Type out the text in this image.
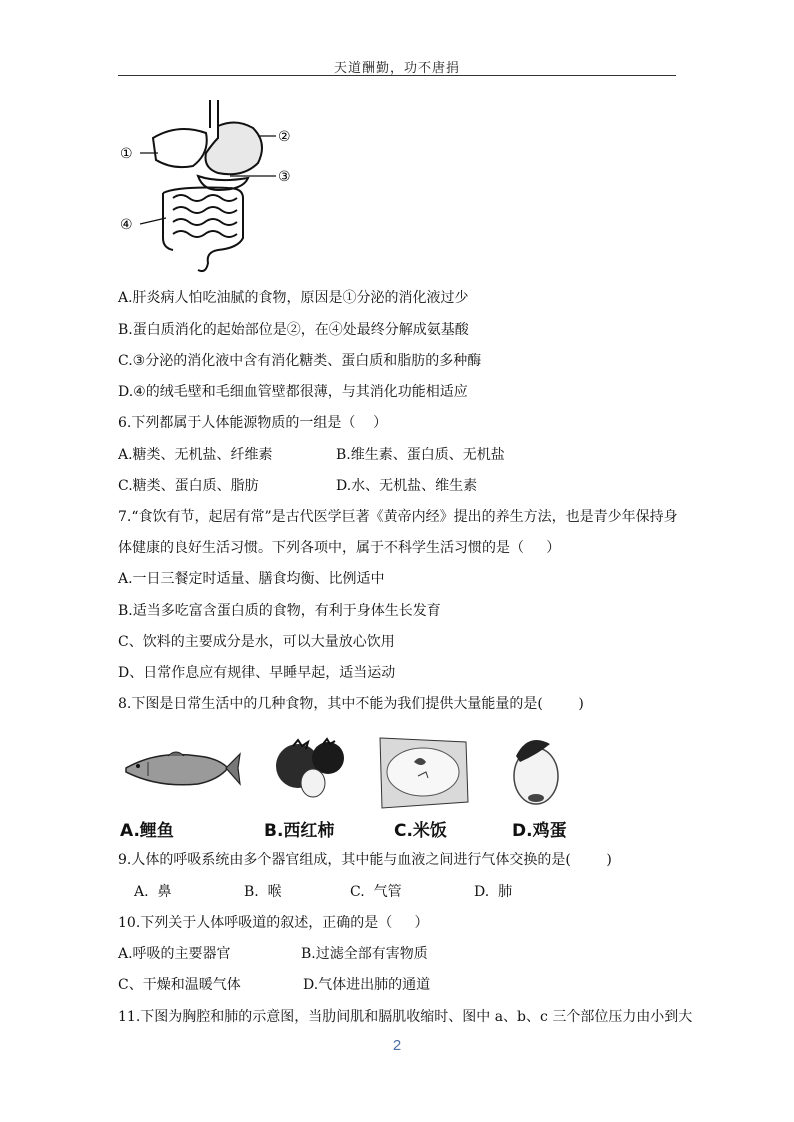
天道酬勤，功不唐捐
①
②
③
④
A.肝炎病人怕吃油腻的食物，原因是①分泌的消化液过少
B.蛋白质消化的起始部位是②，在④处最终分解成氨基酸
C.③分泌的消化液中含有消化糖类、蛋白质和脂肪的多种酶
D.④的绒毛壁和毛细血管壁都很薄，与其消化功能相适应
6.下列都属于人体能源物质的一组是（    ）
A.糖类、无机盐、纤维素	B.维生素、蛋白质、无机盐
C.糖类、蛋白质、脂肪	D.水、无机盐、维生素
7.“食饮有节，起居有常”是古代医学巨著《黄帝内经》提出的养生方法，也是青少年保持身
体健康的良好生活习惯。下列各项中，属于不科学生活习惯的是（     ）
A.一日三餐定时适量、膳食均衡、比例适中
B.适当多吃富含蛋白质的食物，有利于身体生长发育
C、饮料的主要成分是水，可以大量放心饮用
D、日常作息应有规律、早睡早起，适当运动
8.下图是日常生活中的几种食物，其中不能为我们提供大量能量的是(        )
A.鲤鱼	B.西红柿	C.米饭	D.鸡蛋
9.人体的呼吸系统由多个器官组成，其中能与血液之间进行气体交换的是(        )
A.  鼻	B.  喉	C.  气管	D.  肺
10.下列关于人体呼吸道的叙述，正确的是（     ）
A.呼吸的主要器官	B.过滤全部有害物质
C、干燥和温暖气体	D.气体进出肺的通道
11.下图为胸腔和肺的示意图，当肋间肌和膈肌收缩时、图中 a、b、c 三个部位压力由小到大
2
